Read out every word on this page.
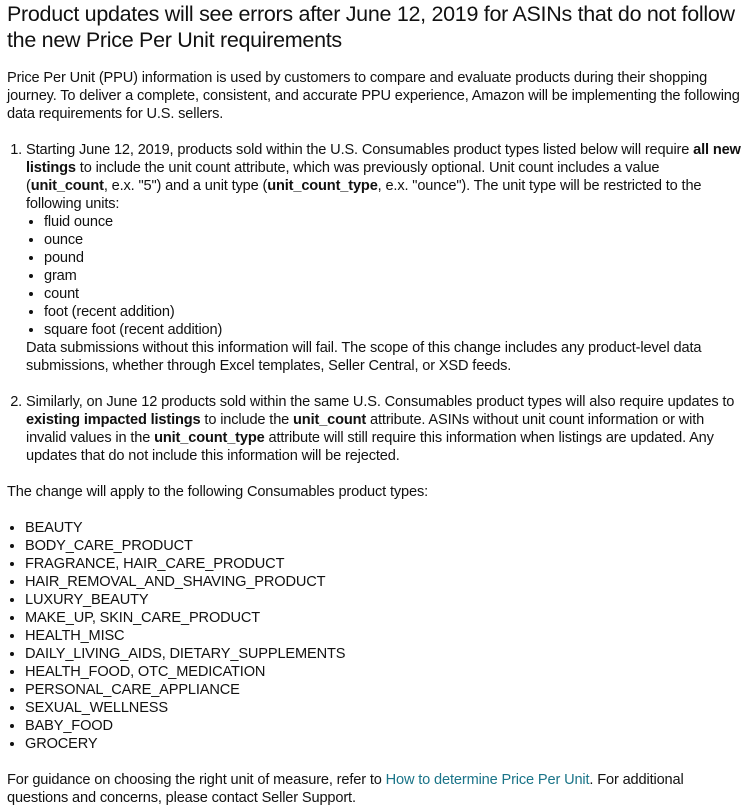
Product updates will see errors after June 12, 2019 for ASINs that do not follow the new Price Per Unit requirements

Price Per Unit (PPU) information is used by customers to compare and evaluate products during their shopping journey. To deliver a complete, consistent, and accurate PPU experience, Amazon will be implementing the following data requirements for U.S. sellers.

1. Starting June 12, 2019, products sold within the U.S. Consumables product types listed below will require all new listings to include the unit count attribute, which was previously optional. Unit count includes a value (unit_count, e.x. "5") and a unit type (unit_count_type, e.x. "ounce"). The unit type will be restricted to the following units:
• fluid ounce
• ounce
• pound
• gram
• count
• foot (recent addition)
• square foot (recent addition)
Data submissions without this information will fail. The scope of this change includes any product-level data submissions, whether through Excel templates, Seller Central, or XSD feeds.
2. Similarly, on June 12 products sold within the same U.S. Consumables product types will also require updates to existing impacted listings to include the unit_count attribute. ASINs without unit count information or with invalid values in the unit_count_type attribute will still require this information when listings are updated. Any updates that do not include this information will be rejected.

The change will apply to the following Consumables product types:

• BEAUTY
• BODY_CARE_PRODUCT
• FRAGRANCE, HAIR_CARE_PRODUCT
• HAIR_REMOVAL_AND_SHAVING_PRODUCT
• LUXURY_BEAUTY
• MAKE_UP, SKIN_CARE_PRODUCT
• HEALTH_MISC
• DAILY_LIVING_AIDS, DIETARY_SUPPLEMENTS
• HEALTH_FOOD, OTC_MEDICATION
• PERSONAL_CARE_APPLIANCE
• SEXUAL_WELLNESS
• BABY_FOOD
• GROCERY

For guidance on choosing the right unit of measure, refer to How to determine Price Per Unit. For additional questions and concerns, please contact Seller Support.
